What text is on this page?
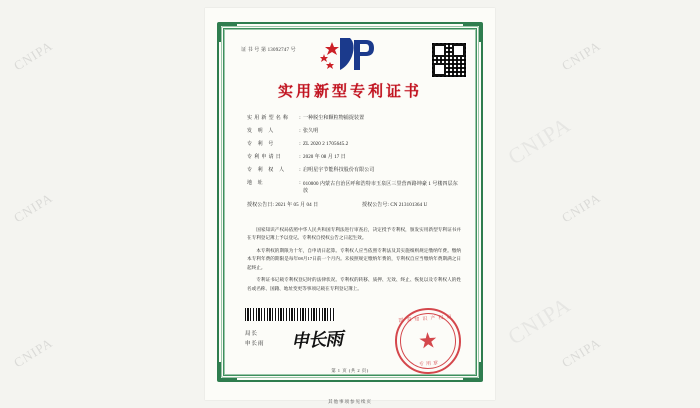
CNIPA	CNIPA
CNIPA	CNIPA
CNIPA	CNIPA
证 书 号 第 13092747 号
实用新型专利证书
实用新型名称	: 一种脱尘和颗粒物捕捉装置
发 明 人	: 张久明
专 利 号	: ZL 2020 2 1705645.2
专利申请日	: 2020 年 08 月 17 日
专 利 权 人	: 启明星宇节能科技股份有限公司
地 址	: 010000 内蒙古自治区呼和浩特市玉泉区三里营西路坤豪 1 号楼四层东放
授权公告日: 2021 年 05 月 04 日	授权公告号: CN 213101364 U

国家知识产权局依照中华人民共和国专利法进行审查后，决定授予专利权，颁发实用新型专利证书并在专利登记簿上予以登记。专利权自授权公告之日起生效。

本专利权的期限为十年，自申请日起算。专利权人应当依照专利法及其实施细则规定缴纳年费。缴纳本专利年费的期限是每年08月17日前一个月内。未按照规定缴纳年费的，专利权自应当缴纳年费期满之日起终止。

专利证书记载专利权登记时的法律状况。专利权的转移、质押、无效、终止、恢复以及专利权人的姓名或名称、国籍、地址变更等事项记载在专利登记簿上。

局长
申长雨 申长雨
国家知识产权局
★
专用章
第 1 页 (共 2 页)
其他事项参见续页
